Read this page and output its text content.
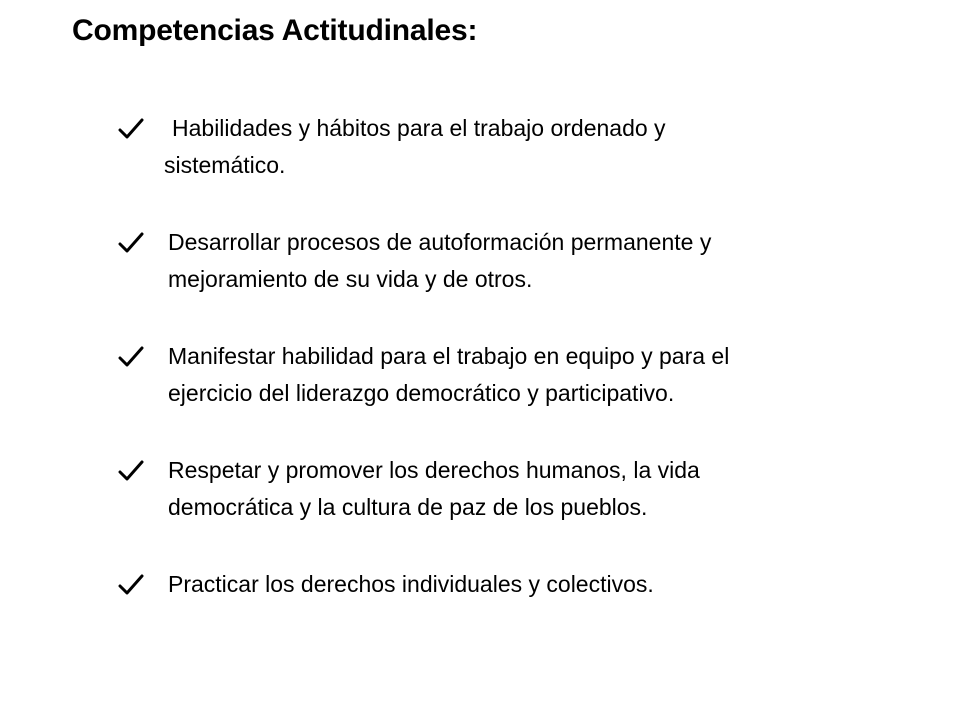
Competencias Actitudinales:
Habilidades y hábitos para el trabajo ordenado y
sistemático.
Desarrollar procesos de autoformación permanente y
mejoramiento de su vida y de otros.
Manifestar habilidad para el trabajo en equipo y para el
ejercicio del liderazgo democrático y participativo.
Respetar y promover los derechos humanos, la vida
democrática y la cultura de paz de los pueblos.
Practicar los derechos individuales y colectivos.
